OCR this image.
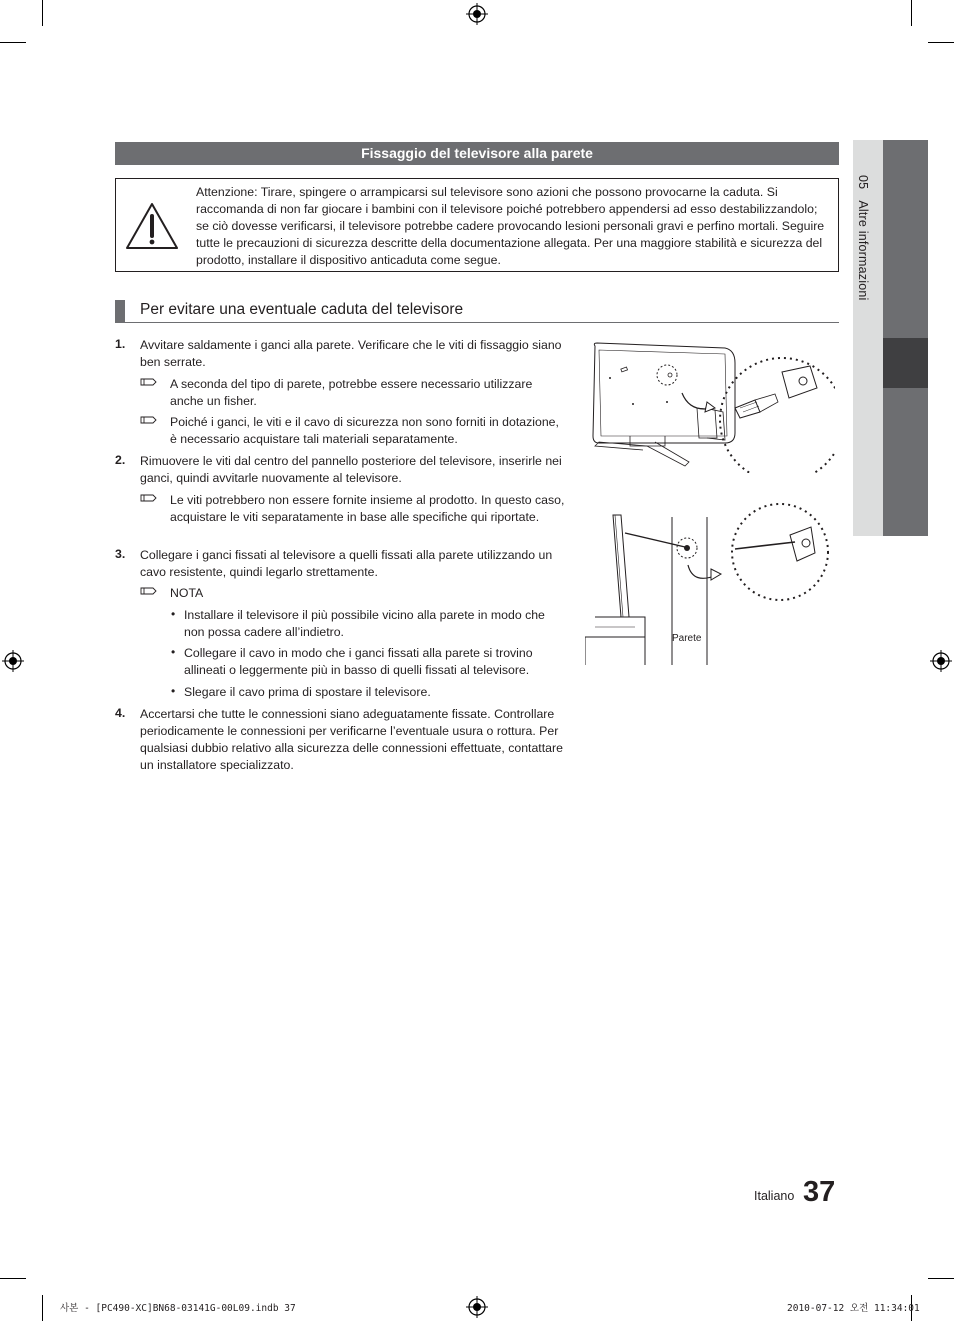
Fissaggio del televisore alla parete
Attenzione: Tirare, spingere o arrampicarsi sul televisore sono azioni che possono provocarne la caduta. Si raccomanda di non far giocare i bambini con il televisore poiché potrebbero appendersi ad esso destabilizzandolo; se ciò dovesse verificarsi, il televisore potrebbe cadere provocando lesioni personali gravi e perfino mortali. Seguire tutte le precauzioni di sicurezza descritte della documentazione allegata. Per una maggiore stabilità e sicurezza del prodotto, installare il dispositivo anticaduta come segue.
Per evitare una eventuale caduta del televisore
1. Avvitare saldamente i ganci alla parete. Verificare che le viti di fissaggio siano ben serrate.
A seconda del tipo di parete, potrebbe essere necessario utilizzare anche un fisher.
Poiché i ganci, le viti e il cavo di sicurezza non sono forniti in dotazione, è necessario acquistare tali materiali separatamente.
2. Rimuovere le viti dal centro del pannello posteriore del televisore, inserirle nei ganci, quindi avvitarle nuovamente al televisore.
Le viti potrebbero non essere fornite insieme al prodotto. In questo caso, acquistare le viti separatamente in base alle specifiche qui riportate.
3. Collegare i ganci fissati al televisore a quelli fissati alla parete utilizzando un cavo resistente, quindi legarlo strettamente.
NOTA
• Installare il televisore il più possibile vicino alla parete in modo che non possa cadere all’indietro.
• Collegare il cavo in modo che i ganci fissati alla parete si trovino allineati o leggermente più in basso di quelli fissati al televisore.
• Slegare il cavo prima di spostare il televisore.
4. Accertarsi che tutte le connessioni siano adeguatamente fissate. Controllare periodicamente le connessioni per verificarne l’eventuale usura o rottura. Per qualsiasi dubbio relativo alla sicurezza delle connessioni effettuate, contattare un installatore specializzato.
Parete
05   Altre informazioni
Italiano 37
사본 - [PC490-XC]BN68-03141G-00L09.indb 37	2010-07-12 오전 11:34:01
